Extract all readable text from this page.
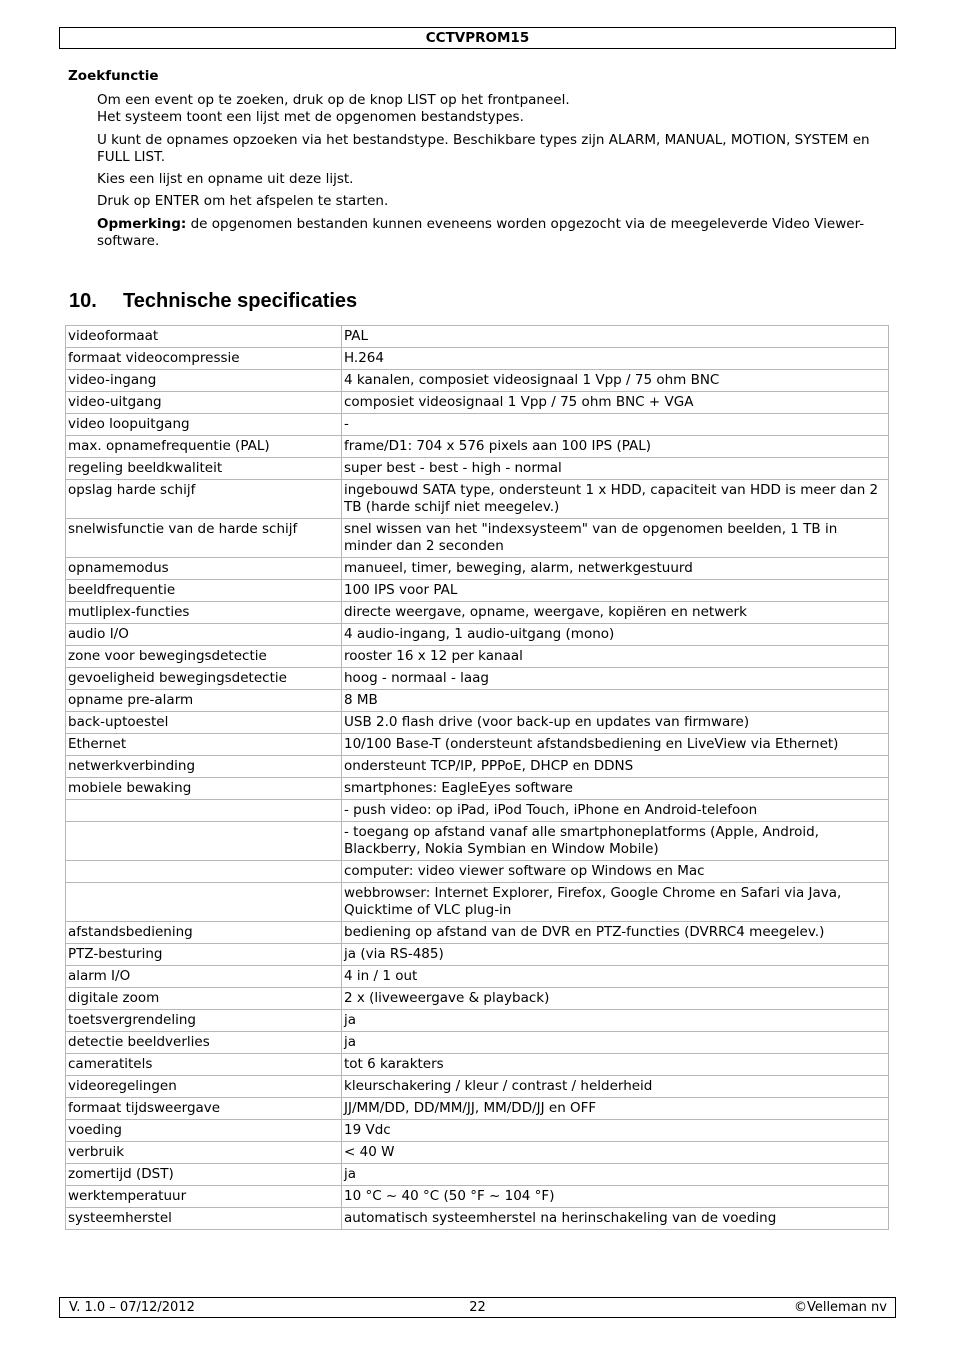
CCTVPROM15
Zoekfunctie
Om een event op te zoeken, druk op de knop LIST op het frontpaneel.
Het systeem toont een lijst met de opgenomen bestandstypes.
U kunt de opnames opzoeken via het bestandstype. Beschikbare types zijn ALARM, MANUAL, MOTION, SYSTEM en FULL LIST.
Kies een lijst en opname uit deze lijst.
Druk op ENTER om het afspelen te starten.
Opmerking: de opgenomen bestanden kunnen eveneens worden opgezocht via de meegeleverde Video Viewer-software.
10. Technische specificaties
videoformaat	PAL
formaat videocompressie	H.264
video-ingang	4 kanalen, composiet videosignaal 1 Vpp / 75 ohm BNC
video-uitgang	composiet videosignaal 1 Vpp / 75 ohm BNC + VGA
video loopuitgang	-
max. opnamefrequentie (PAL)	frame/D1: 704 x 576 pixels aan 100 IPS (PAL)
regeling beeldkwaliteit	super best - best - high - normal
opslag harde schijf	ingebouwd SATA type, ondersteunt 1 x HDD, capaciteit van HDD is meer dan 2 TB (harde schijf niet meegelev.)
snelwisfunctie van de harde schijf	snel wissen van het "indexsysteem" van de opgenomen beelden, 1 TB in minder dan 2 seconden
opnamemodus	manueel, timer, beweging, alarm, netwerkgestuurd
beeldfrequentie	100 IPS voor PAL
mutliplex-functies	directe weergave, opname, weergave, kopiëren en netwerk
audio I/O	4 audio-ingang, 1 audio-uitgang (mono)
zone voor bewegingsdetectie	rooster 16 x 12 per kanaal
gevoeligheid bewegingsdetectie	hoog - normaal - laag
opname pre-alarm	8 MB
back-uptoestel	USB 2.0 flash drive (voor back-up en updates van firmware)
Ethernet	10/100 Base-T (ondersteunt afstandsbediening en LiveView via Ethernet)
netwerkverbinding	ondersteunt TCP/IP, PPPoE, DHCP en DDNS
mobiele bewaking	smartphones: EagleEyes software
	- push video: op iPad, iPod Touch, iPhone en Android-telefoon
	- toegang op afstand vanaf alle smartphoneplatforms (Apple, Android, Blackberry, Nokia Symbian en Window Mobile)
	computer: video viewer software op Windows en Mac
	webbrowser: Internet Explorer, Firefox, Google Chrome en Safari via Java, Quicktime of VLC plug-in
afstandsbediening	bediening op afstand van de DVR en PTZ-functies (DVRRC4 meegelev.)
PTZ-besturing	ja (via RS-485)
alarm I/O	4 in / 1 out
digitale zoom	2 x (liveweergave & playback)
toetsvergrendeling	ja
detectie beeldverlies	ja
cameratitels	tot 6 karakters
videoregelingen	kleurschakering / kleur / contrast / helderheid
formaat tijdsweergave	JJ/MM/DD, DD/MM/JJ, MM/DD/JJ en OFF
voeding	19 Vdc
verbruik	< 40 W
zomertijd (DST)	ja
werktemperatuur	10 °C ~ 40 °C (50 °F ~ 104 °F)
systeemherstel	automatisch systeemherstel na herinschakeling van de voeding
V. 1.0 – 07/12/2012	22	©Velleman nv
